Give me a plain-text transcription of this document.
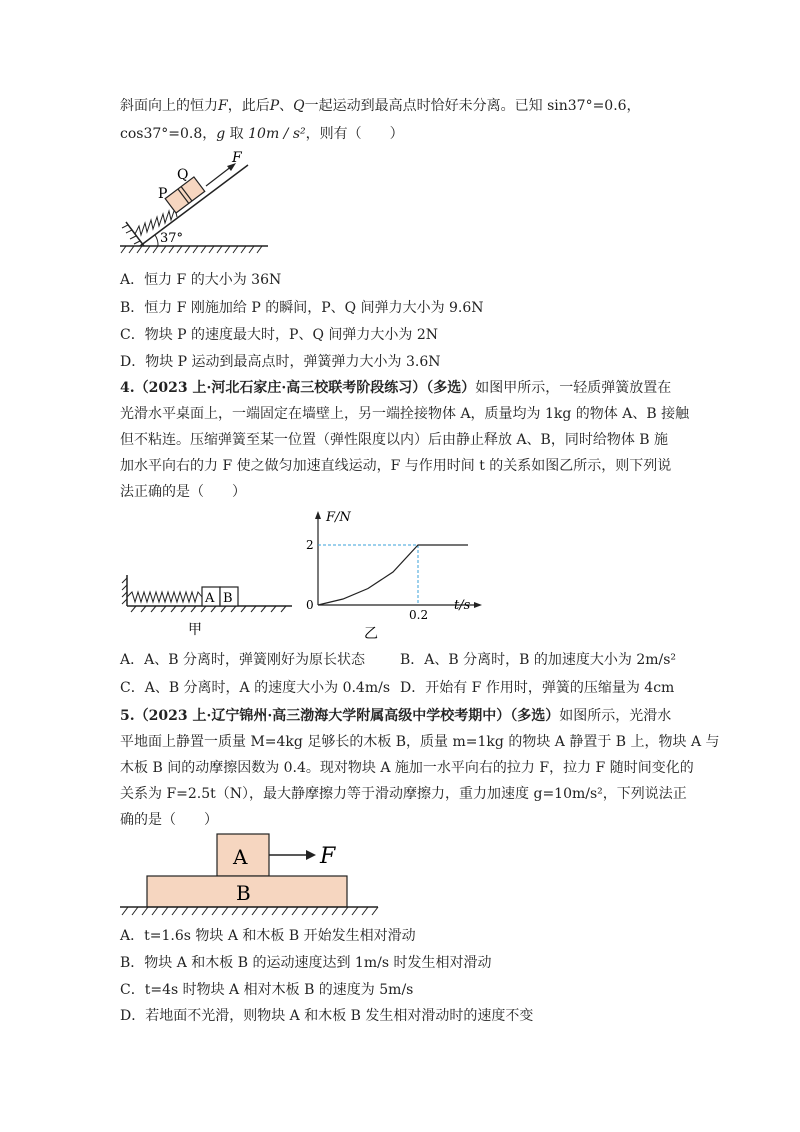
斜面向上的恒力F，此后P、Q一起运动到最高点时恰好未分离。已知 sin37°=0.6，
cos37°=0.8，g 取 10m / s²，则有（　　）
F
Q
P
37°
A．恒力 F 的大小为 36N
B．恒力 F 刚施加给 P 的瞬间，P、Q 间弹力大小为 9.6N
C．物块 P 的速度最大时，P、Q 间弹力大小为 2N
D．物块 P 运动到最高点时，弹簧弹力大小为 3.6N
4.（2023 上·河北石家庄·高三校联考阶段练习）（多选）如图甲所示，一轻质弹簧放置在
光滑水平桌面上，一端固定在墙壁上，另一端拴接物体 A，质量均为 1kg 的物体 A、B 接触
但不粘连。压缩弹簧至某一位置（弹性限度以内）后由静止释放 A、B，同时给物体 B 施
加水平向右的力 F 使之做匀加速直线运动，F 与作用时间 t 的关系如图乙所示，则下列说
法正确的是（　　）
A B
甲
F/N
t/s
0
2
0.2
乙
A．A、B 分离时，弹簧刚好为原长状态	B．A、B 分离时，B 的加速度大小为 2m/s²
C．A、B 分离时，A 的速度大小为 0.4m/s D．开始有 F 作用时，弹簧的压缩量为 4cm
5.（2023 上·辽宁锦州·高三渤海大学附属高级中学校考期中）（多选）如图所示，光滑水
平地面上静置一质量 M=4kg 足够长的木板 B，质量 m=1kg 的物块 A 静置于 B 上，物块 A 与
木板 B 间的动摩擦因数为 0.4。现对物块 A 施加一水平向右的拉力 F，拉力 F 随时间变化的
关系为 F=2.5t（N），最大静摩擦力等于滑动摩擦力，重力加速度 g=10m/s²，下列说法正
确的是（　　）
A	F
B
A．t=1.6s 物块 A 和木板 B 开始发生相对滑动
B．物块 A 和木板 B 的运动速度达到 1m/s 时发生相对滑动
C．t=4s 时物块 A 相对木板 B 的速度为 5m/s
D．若地面不光滑，则物块 A 和木板 B 发生相对滑动时的速度不变
